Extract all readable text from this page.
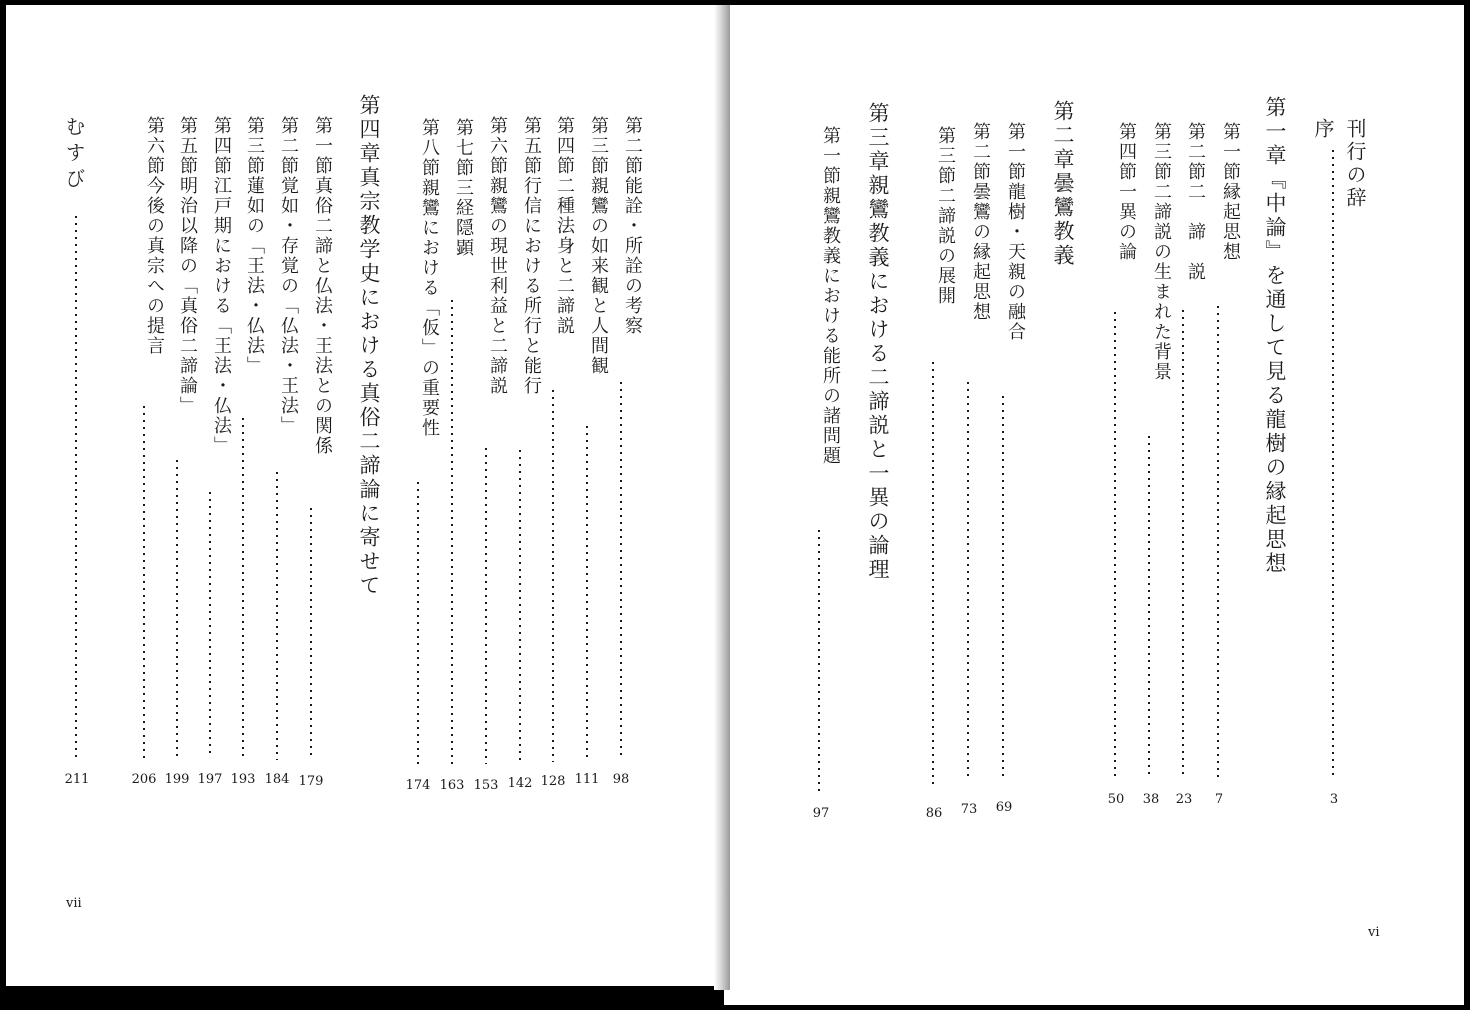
刊行の辞
序
3
第一章『中論』を通して見る龍樹の縁起思想
第一節縁起思想
7
第二節二　諦　説
23
第三節二諦説の生まれた背景
38
第四節一異の論
50
第二章曇鸞教義
第一節龍樹・天親の融合
69
第二節曇鸞の縁起思想
73
第三節二諦説の展開
86
第三章親鸞教義における二諦説と一異の論理
第一節親鸞教義における能所の諸問題
97
vi
第二節能詮・所詮の考察
98
第三節親鸞の如来観と人間観
111
第四節二種法身と二諦説
128
第五節行信における所行と能行
142
第六節親鸞の現世利益と二諦説
153
第七節三経隠顕
163
第八節親鸞における「仮」の重要性
174
第四章真宗教学史における真俗二諦論に寄せて
第一節真俗二諦と仏法・王法との関係
179
第二節覚如・存覚の「仏法・王法」
184
第三節蓮如の「王法・仏法」
193
第四節江戸期における「王法・仏法」
197
第五節明治以降の「真俗二諦論」
199
第六節今後の真宗への提言
206
むすび
211
vii
